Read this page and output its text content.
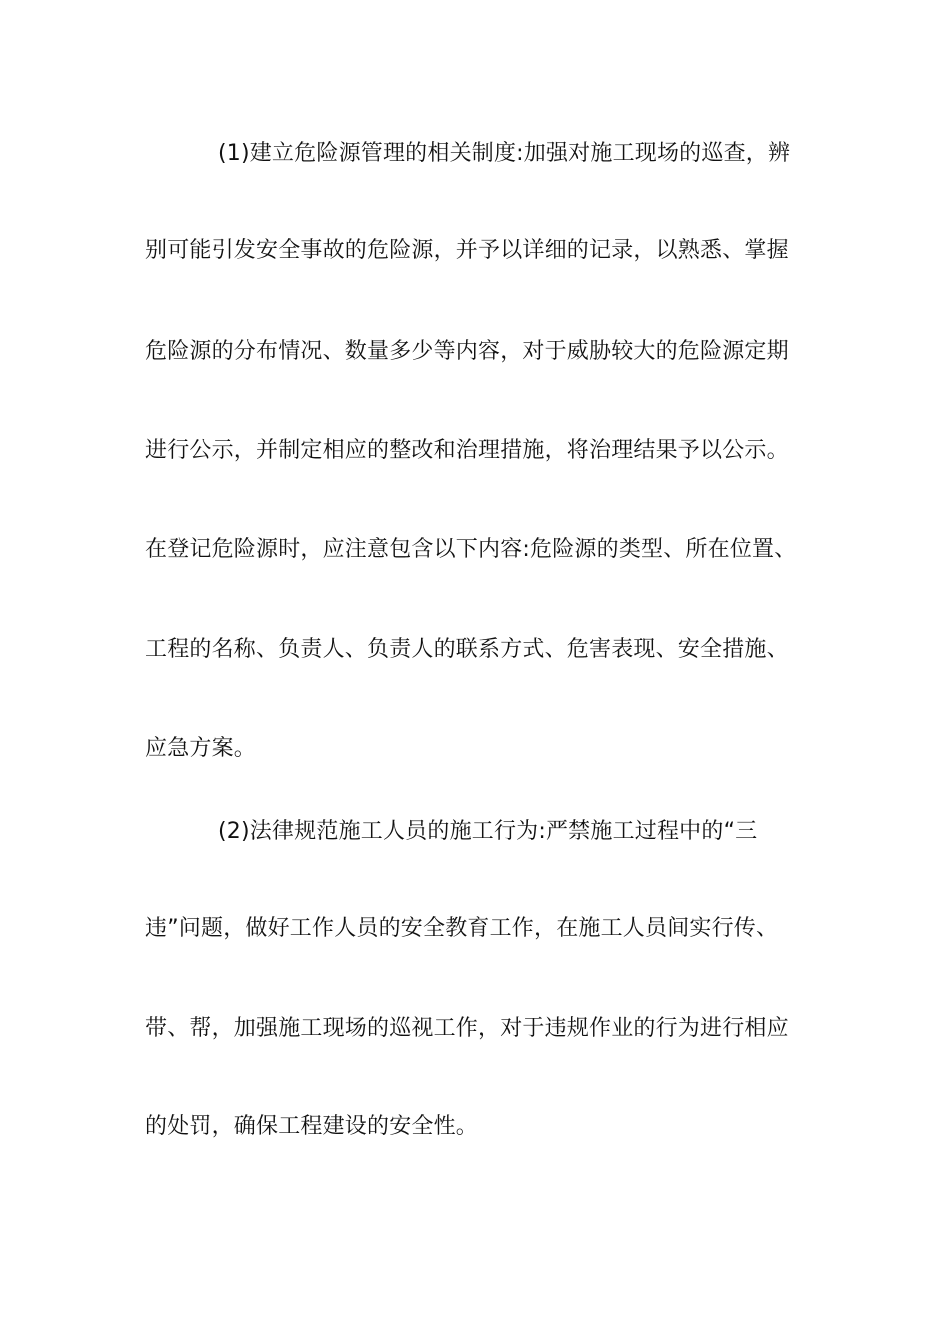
(1)建立危险源管理的相关制度:加强对施工现场的巡查，辨
别可能引发安全事故的危险源，并予以详细的记录，以熟悉、掌握
危险源的分布情况、数量多少等内容，对于威胁较大的危险源定期
进行公示，并制定相应的整改和治理措施，将治理结果予以公示。
在登记危险源时，应注意包含以下内容:危险源的类型、所在位置、
工程的名称、负责人、负责人的联系方式、危害表现、安全措施、
应急方案。
(2)法律规范施工人员的施工行为:严禁施工过程中的“三
违”问题，做好工作人员的安全教育工作，在施工人员间实行传、
带、帮，加强施工现场的巡视工作，对于违规作业的行为进行相应
的处罚，确保工程建设的安全性。
